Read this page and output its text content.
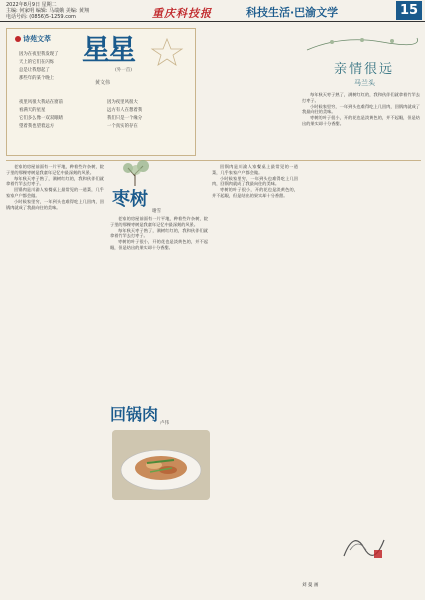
2022年8月9日 星期二
主编: 何家明 编辑: 马端娥 美编: 黄翔
电话号码: (0856)5-1259.com	重庆科技报	科技生活·巴渝文学	15
诗苑文萃 星星
(外一首)
黄文伟
因为在夜里我发现了
天上的它们在闪烁
总是让我想起了
那些年的某个晚上
夜里风很大我站在窗前
看满天的星星
它们多么像一双双眼睛
望着我也望着远方
因为夜里风很大
远方有人在想着我
我们只是一个缘分
一个真实的存在
亲情很远
马兰头
枣树
谢雪
老家的房屋前面有一片平地，种着些许杂树，院子里的那棵枣树是我童年记忆中最深刻的风景。
每年秋天枣子熟了，满树红红的，我和伙伴们就拿着竹竿去打枣子。
枣树的叶子很小，开的花也是淡黄色的，并不起眼，但是结出的果实却十分香甜。
老家的房屋前面有一片平地，种着些许杂树，院子里的那棵枣树是我童年记忆中最深刻的风景。
每年秋天枣子熟了，满树红红的，我和伙伴们就拿着竹竿去打枣子。
回锅肉是川渝人家餐桌上最常见的一道菜，几乎家家户户都会做。
小时候家里穷，一年到头也难得吃上几回肉，回锅肉就成了我最向往的美味。
回锅肉 卢伟
回锅肉是川渝人家餐桌上最常见的一道菜，几乎家家户户都会做。
小时候家里穷，一年到头也难得吃上几回肉，回锅肉就成了我最向往的美味。
枣树的叶子很小，开的花也是淡黄色的，并不起眼，但是结出的果实却十分香甜。
每年秋天枣子熟了，满树红红的，我和伙伴们就拿着竹竿去打枣子。
小时候家里穷，一年到头也难得吃上几回肉，回锅肉就成了我最向往的美味。
枣树的叶子很小，开的花也是淡黄色的，并不起眼，但是结出的果实却十分香甜。
刘 曼 画
